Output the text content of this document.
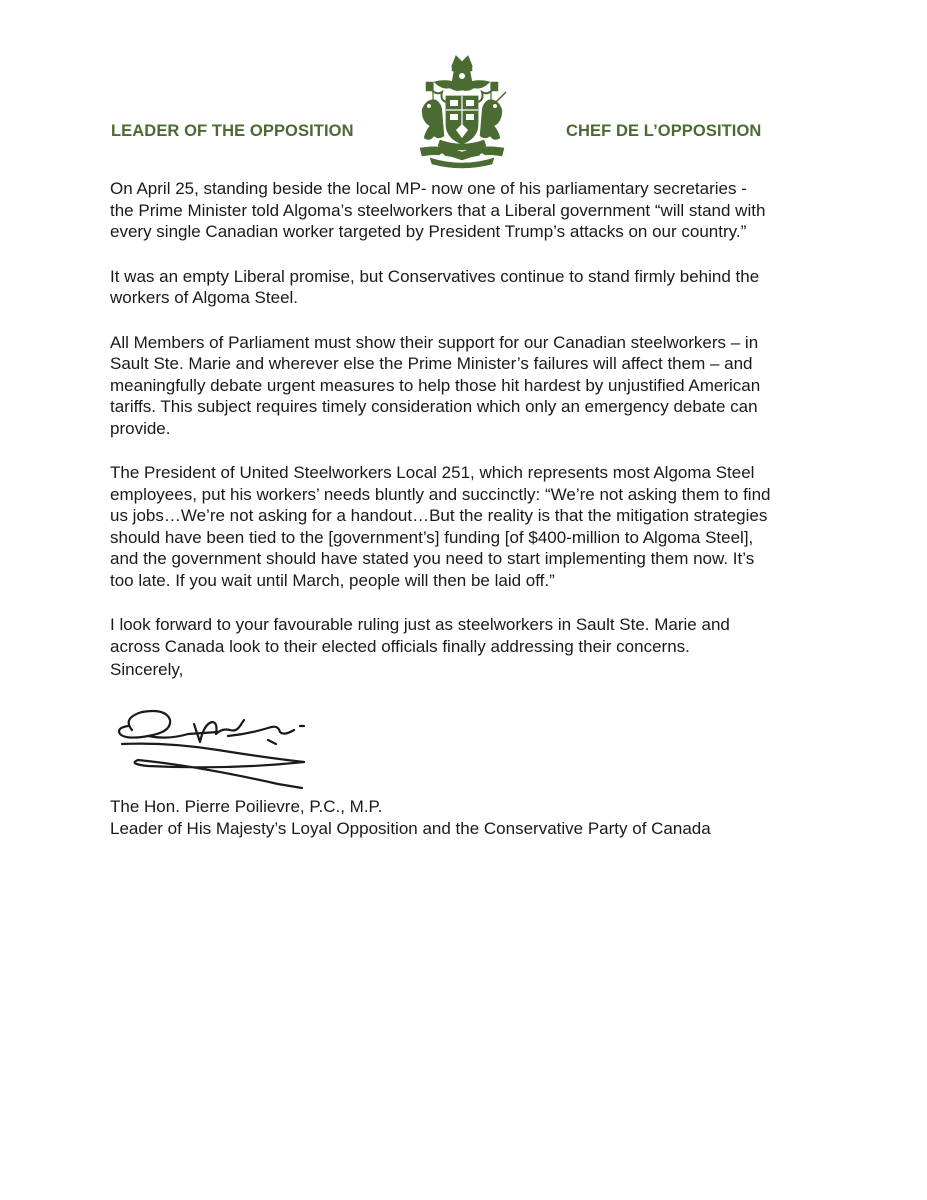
LEADER OF THE OPPOSITION	CHEF DE L’OPPOSITION

On April 25, standing beside the local MP- now one of his parliamentary secretaries -
the Prime Minister told Algoma’s steelworkers that a Liberal government “will stand with
every single Canadian worker targeted by President Trump’s attacks on our country.”

It was an empty Liberal promise, but Conservatives continue to stand firmly behind the
workers of Algoma Steel.

All Members of Parliament must show their support for our Canadian steelworkers – in
Sault Ste. Marie and wherever else the Prime Minister’s failures will affect them – and
meaningfully debate urgent measures to help those hit hardest by unjustified American
tariffs. This subject requires timely consideration which only an emergency debate can
provide.

The President of United Steelworkers Local 251, which represents most Algoma Steel
employees, put his workers’ needs bluntly and succinctly: “We’re not asking them to find
us jobs…We’re not asking for a handout…But the reality is that the mitigation strategies
should have been tied to the [government’s] funding [of $400-million to Algoma Steel],
and the government should have stated you need to start implementing them now. It’s
too late. If you wait until March, people will then be laid off.”

I look forward to your favourable ruling just as steelworkers in Sault Ste. Marie and
across Canada look to their elected officials finally addressing their concerns.

Sincerely,
The Hon. Pierre Poilievre, P.C., M.P.
Leader of His Majesty’s Loyal Opposition and the Conservative Party of Canada
